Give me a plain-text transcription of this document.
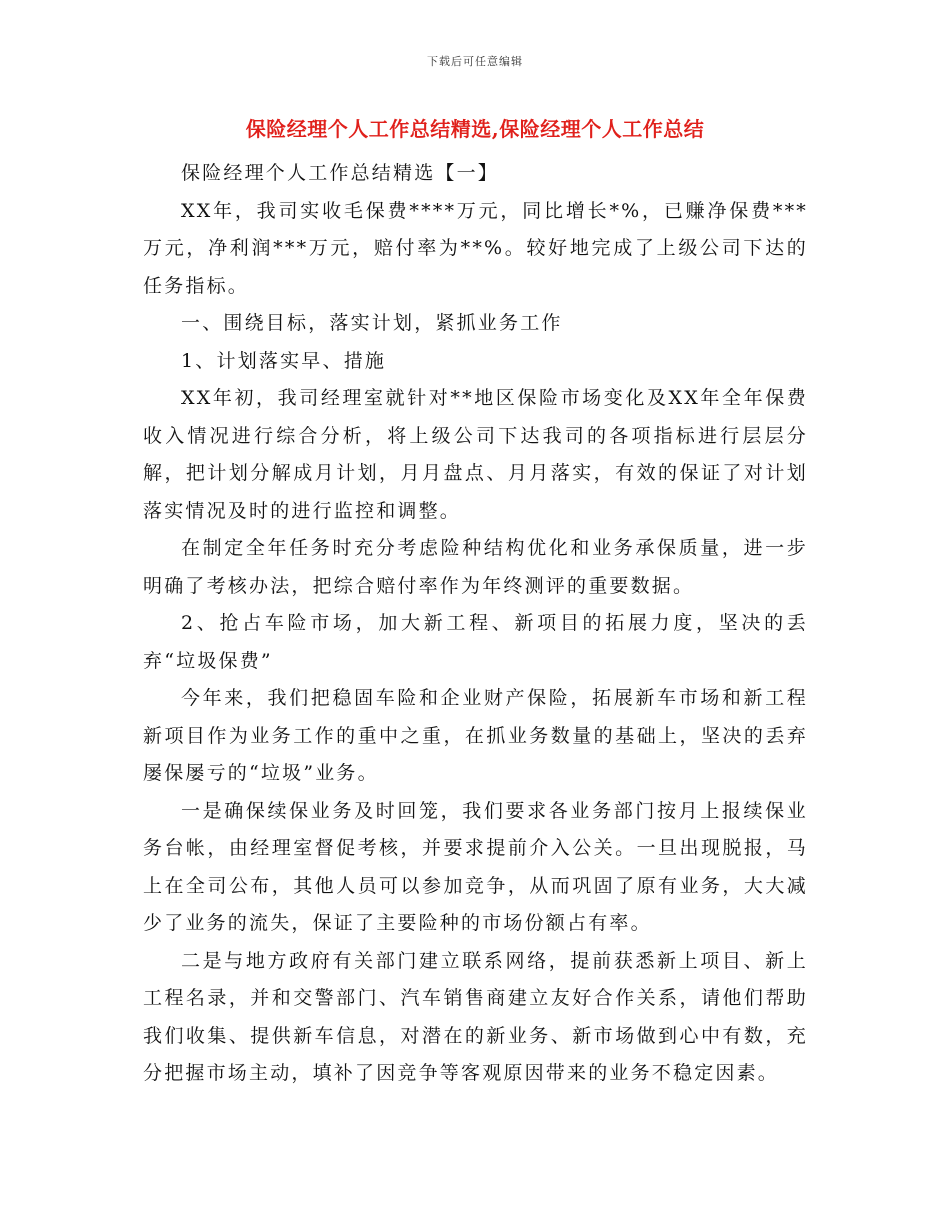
下载后可任意编辑
保险经理个人工作总结精选,保险经理个人工作总结

保险经理个人工作总结精选【一】

XX年，我司实收毛保费****万元，同比增长*%，已赚净保费***万元，净利润***万元，赔付率为**%。较好地完成了上级公司下达的任务指标。

一、围绕目标，落实计划，紧抓业务工作

1、计划落实早、措施

XX年初，我司经理室就针对**地区保险市场变化及XX年全年保费收入情况进行综合分析，将上级公司下达我司的各项指标进行层层分解，把计划分解成月计划，月月盘点、月月落实，有效的保证了对计划落实情况及时的进行监控和调整。

在制定全年任务时充分考虑险种结构优化和业务承保质量，进一步明确了考核办法，把综合赔付率作为年终测评的重要数据。

2、抢占车险市场，加大新工程、新项目的拓展力度，坚决的丢弃“垃圾保费”

今年来，我们把稳固车险和企业财产保险，拓展新车市场和新工程新项目作为业务工作的重中之重，在抓业务数量的基础上，坚决的丢弃屡保屡亏的“垃圾”业务。

一是确保续保业务及时回笼，我们要求各业务部门按月上报续保业务台帐，由经理室督促考核，并要求提前介入公关。一旦出现脱报，马上在全司公布，其他人员可以参加竞争，从而巩固了原有业务，大大减少了业务的流失，保证了主要险种的市场份额占有率。

二是与地方政府有关部门建立联系网络，提前获悉新上项目、新上工程名录，并和交警部门、汽车销售商建立友好合作关系，请他们帮助我们收集、提供新车信息，对潜在的新业务、新市场做到心中有数，充分把握市场主动，填补了因竞争等客观原因带来的业务不稳定因素。
